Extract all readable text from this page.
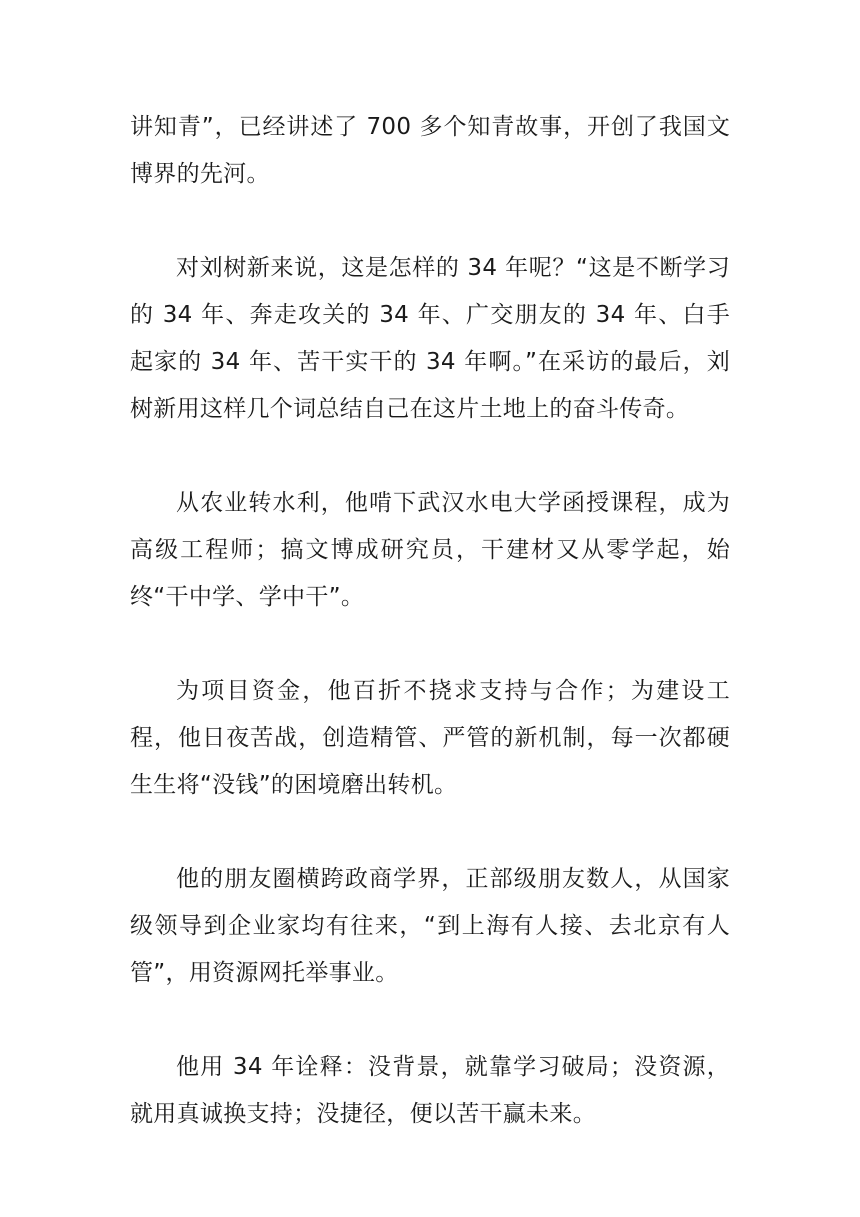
讲知青”，已经讲述了 700 多个知青故事，开创了我国文博界的先河。

对刘树新来说，这是怎样的 34 年呢？“这是不断学习的 34 年、奔走攻关的 34 年、广交朋友的 34 年、白手起家的 34 年、苦干实干的 34 年啊。”在采访的最后，刘树新用这样几个词总结自己在这片土地上的奋斗传奇。

从农业转水利，他啃下武汉水电大学函授课程，成为高级工程师；搞文博成研究员，干建材又从零学起，始终“干中学、学中干”。

为项目资金，他百折不挠求支持与合作；为建设工程，他日夜苦战，创造精管、严管的新机制，每一次都硬生生将“没钱”的困境磨出转机。

他的朋友圈横跨政商学界，正部级朋友数人，从国家级领导到企业家均有往来，“到上海有人接、去北京有人管”，用资源网托举事业。

他用 34 年诠释：没背景，就靠学习破局；没资源，就用真诚换支持；没捷径，便以苦干赢未来。
